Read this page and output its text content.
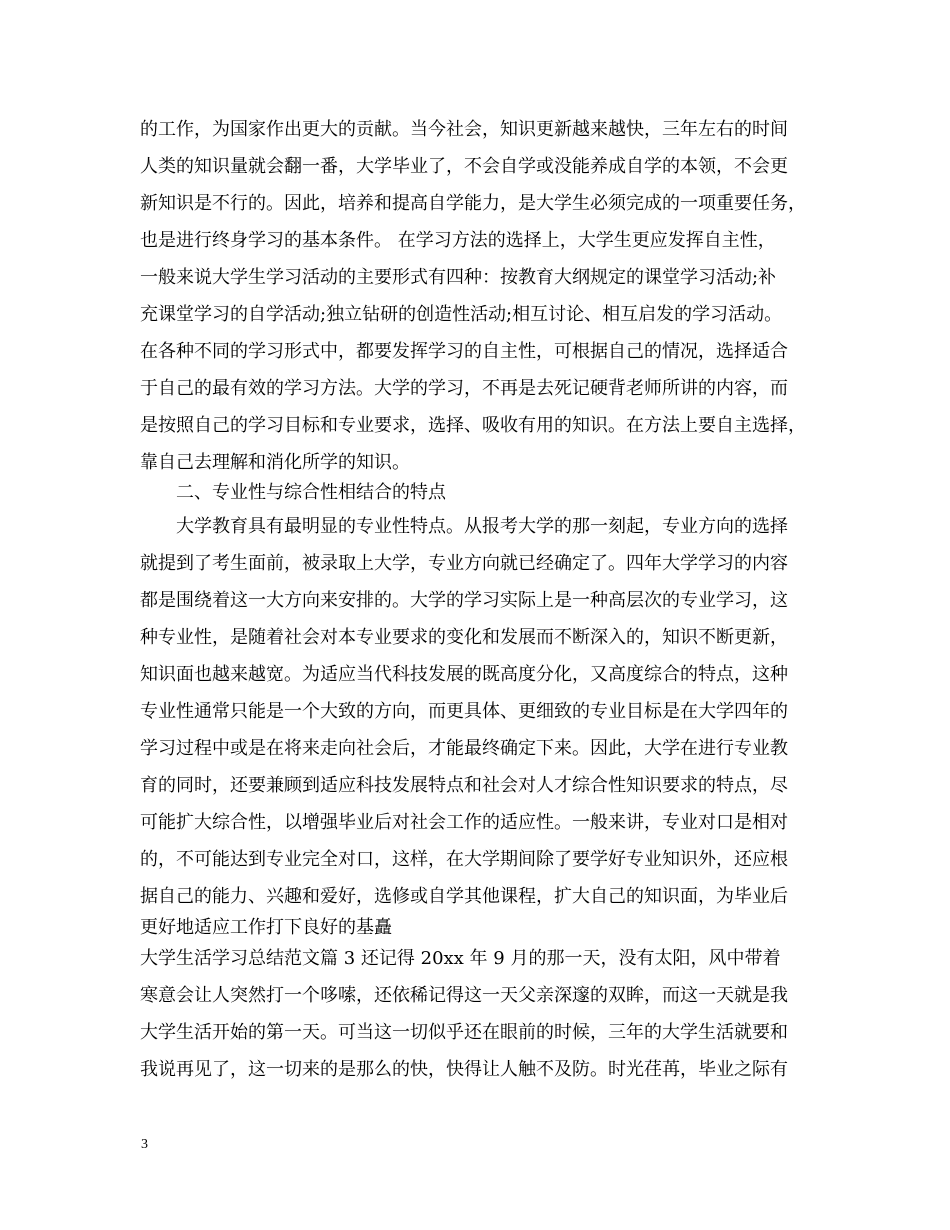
的工作，为国家作出更大的贡献。当今社会，知识更新越来越快，三年左右的时间
人类的知识量就会翻一番，大学毕业了，不会自学或没能养成自学的本领，不会更
新知识是不行的。因此，培养和提高自学能力，是大学生必须完成的一项重要任务，
也是进行终身学习的基本条件。 在学习方法的选择上，大学生更应发挥自主性，
一般来说大学生学习活动的主要形式有四种：按教育大纲规定的课堂学习活动;补
充课堂学习的自学活动;独立钻研的创造性活动;相互讨论、相互启发的学习活动。
在各种不同的学习形式中，都要发挥学习的自主性，可根据自己的情况，选择适合
于自己的最有效的学习方法。大学的学习，不再是去死记硬背老师所讲的内容，而
是按照自己的学习目标和专业要求，选择、吸收有用的知识。在方法上要自主选择，
靠自己去理解和消化所学的知识。
二、专业性与综合性相结合的特点
大学教育具有最明显的专业性特点。从报考大学的那一刻起，专业方向的选择
就提到了考生面前，被录取上大学，专业方向就已经确定了。四年大学学习的内容
都是围绕着这一大方向来安排的。大学的学习实际上是一种高层次的专业学习，这
种专业性，是随着社会对本专业要求的变化和发展而不断深入的，知识不断更新，
知识面也越来越宽。为适应当代科技发展的既高度分化，又高度综合的特点，这种
专业性通常只能是一个大致的方向，而更具体、更细致的专业目标是在大学四年的
学习过程中或是在将来走向社会后，才能最终确定下来。因此，大学在进行专业教
育的同时，还要兼顾到适应科技发展特点和社会对人才综合性知识要求的特点，尽
可能扩大综合性，以增强毕业后对社会工作的适应性。一般来讲，专业对口是相对
的，不可能达到专业完全对口，这样，在大学期间除了要学好专业知识外，还应根
据自己的能力、兴趣和爱好，选修或自学其他课程，扩大自己的知识面，为毕业后
更好地适应工作打下良好的基矗
大学生活学习总结范文篇 3 还记得 20xx 年 9 月的那一天，没有太阳，风中带着
寒意会让人突然打一个哆嗦，还依稀记得这一天父亲深邃的双眸，而这一天就是我
大学生活开始的第一天。可当这一切似乎还在眼前的时候，三年的大学生活就要和
我说再见了，这一切来的是那么的快，快得让人触不及防。时光荏苒，毕业之际有
3
